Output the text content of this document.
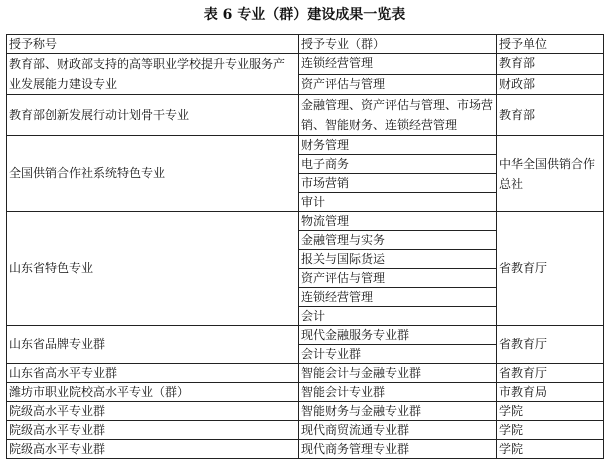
表 6 专业（群）建设成果一览表
授予称号	授予专业（群）	授予单位
教育部、财政部支持的高等职业学校提升专业服务产业发展能力建设专业	连锁经营管理	教育部
	资产评估与管理	财政部
教育部创新发展行动计划骨干专业	金融管理、资产评估与管理、市场营销、智能财务、连锁经营管理	教育部
全国供销合作社系统特色专业	财务管理	中华全国供销合作总社
	电子商务	
	市场营销	
	审计	
山东省特色专业	物流管理	省教育厅
	金融管理与实务	
	报关与国际货运	
	资产评估与管理	
	连锁经营管理	
	会计	
山东省品牌专业群	现代金融服务专业群	省教育厅
	会计专业群	
山东省高水平专业群	智能会计与金融专业群	省教育厅
潍坊市职业院校高水平专业（群）	智能会计专业群	市教育局
院级高水平专业群	智能财务与金融专业群	学院
院级高水平专业群	现代商贸流通专业群	学院
院级高水平专业群	现代商务管理专业群	学院
